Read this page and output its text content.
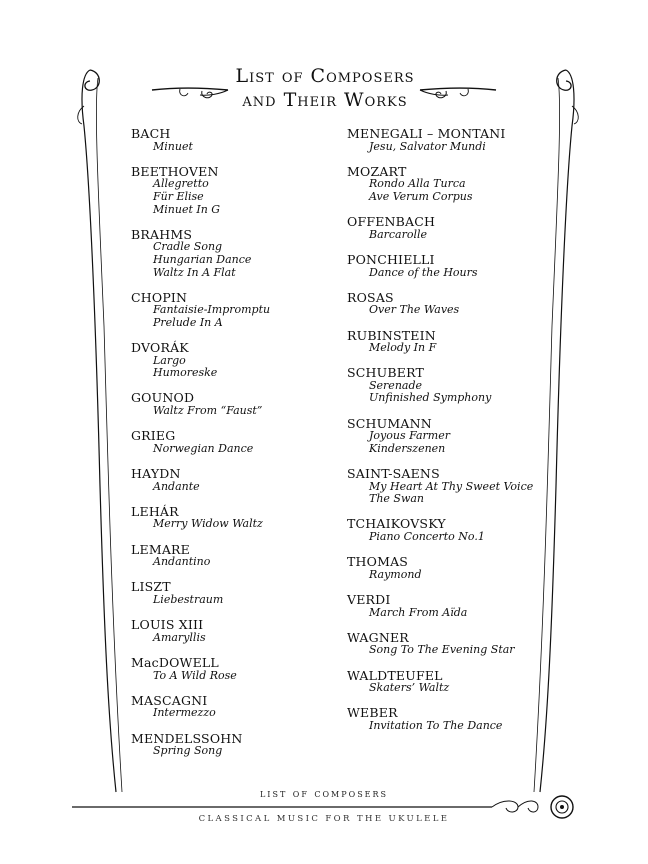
List of Composers
and Their Works
BACH
Minuet
BEETHOVEN
Allegretto
Für Elise
Minuet In G
BRAHMS
Cradle Song
Hungarian Dance
Waltz In A Flat
CHOPIN
Fantaisie-Impromptu
Prelude In A
DVORÁK
Largo
Humoreske
GOUNOD
Waltz From “Faust”
GRIEG
Norwegian Dance
HAYDN
Andante
LEHÁR
Merry Widow Waltz
LEMARE
Andantino
LISZT
Liebestraum
LOUIS XIII
Amaryllis
MacDOWELL
To A Wild Rose
MASCAGNI
Intermezzo
MENDELSSOHN
Spring Song
MENEGALI – MONTANI
Jesu, Salvator Mundi
MOZART
Rondo Alla Turca
Ave Verum Corpus
OFFENBACH
Barcarolle
PONCHIELLI
Dance of the Hours
ROSAS
Over The Waves
RUBINSTEIN
Melody In F
SCHUBERT
Serenade
Unfinished Symphony
SCHUMANN
Joyous Farmer
Kinderszenen
SAINT-SAENS
My Heart At Thy Sweet Voice
The Swan
TCHAIKOVSKY
Piano Concerto No.1
THOMAS
Raymond
VERDI
March From Aïda
WAGNER
Song To The Evening Star
WALDTEUFEL
Skaters’ Waltz
WEBER
Invitation To The Dance
list of composers
CLASSICAL MUSIC FOR THE UKULELE
